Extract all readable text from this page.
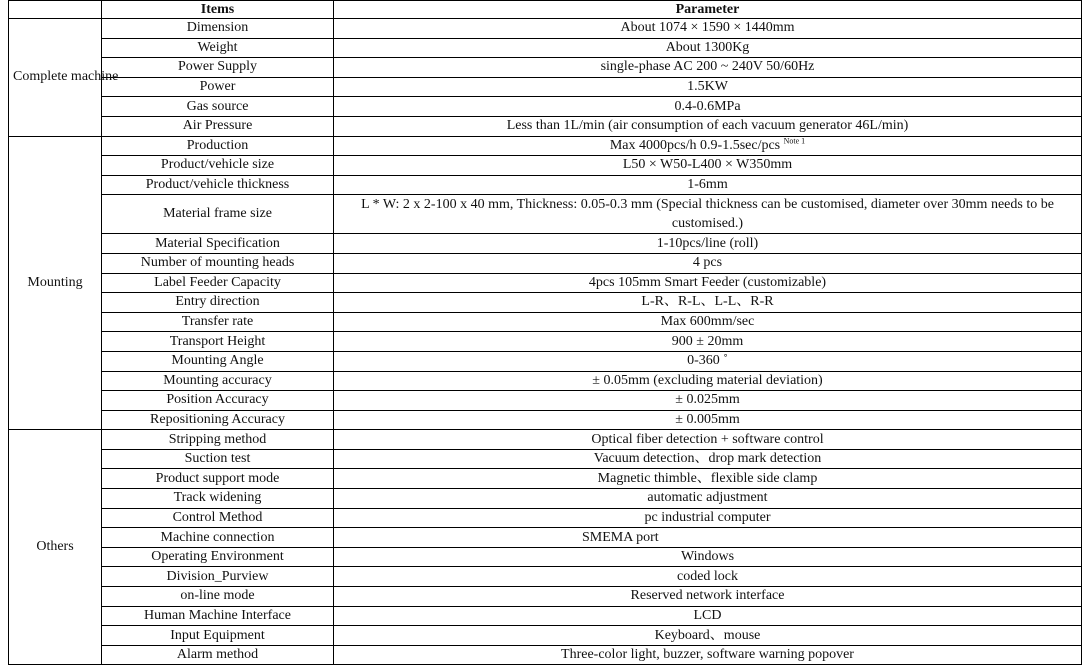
	Items	Parameter
Complete machine	Dimension	About 1074 × 1590 × 1440mm
	Weight	About 1300Kg
	Power Supply	single-phase AC 200 ~ 240V 50/60Hz
	Power	1.5KW
	Gas source	0.4-0.6MPa
	Air Pressure	Less than 1L/min (air consumption of each vacuum generator 46L/min)
Mounting	Production	Max 4000pcs/h 0.9-1.5sec/pcs $^{Note 1}$
	Product/vehicle size	L50 × W50-L400 × W350mm
	Product/vehicle thickness	1-6mm
	Material frame size	L * W: 2 x 2-100 x 40 mm, Thickness: 0.05-0.3 mm (Special thickness can be customised, diameter over 30mm needs to be customised.)
	Material Specification	1-10pcs/line (roll)
	Number of mounting heads	4 pcs
	Label Feeder Capacity	4pcs 105mm Smart Feeder (customizable)
	Entry direction	L-R、R-L、L-L、R-R
	Transfer rate	Max 600mm/sec
	Transport Height	900 ± 20mm
	Mounting Angle	0-360 ˚
	Mounting accuracy	± 0.05mm (excluding material deviation)
	Position Accuracy	± 0.025mm
	Repositioning Accuracy	± 0.005mm
Others	Stripping method	Optical fiber detection + software control
	Suction test	Vacuum detection、drop mark detection
	Product support mode	Magnetic thimble、flexible side clamp
	Track widening	automatic adjustment
	Control Method	pc industrial computer
	Machine connection	SMEMA port
	Operating Environment	Windows
	Division_Purview	coded lock
	on-line mode	Reserved network interface
	Human Machine Interface	LCD
	Input Equipment	Keyboard、mouse
	Alarm method	Three-color light, buzzer, software warning popover
